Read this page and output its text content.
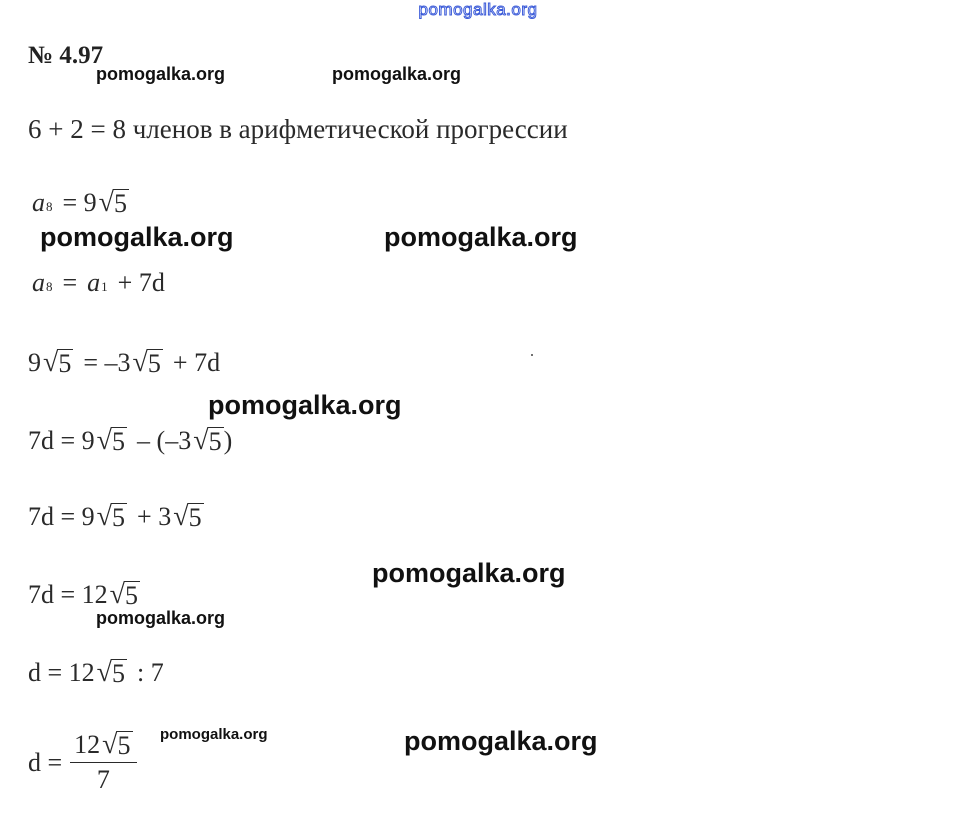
pomogalka.org
№ 4.97
pomogalka.org	pomogalka.org
6 + 2 = 8 членов в арифметической прогрессии
a 8 = 9 √ 5
pomogalka.org	pomogalka.org
a 8 = a 1 + 7d
9 √ 5 = –3 √ 5 + 7d
pomogalka.org
7d = 9 √ 5 – (–3 √ 5 )
7d = 9 √ 5 + 3 √ 5
pomogalka.org
7d = 12 √ 5
pomogalka.org
d = 12 √ 5 : 7
$d = \frac{12 √ 5}{7}$ pomogalka.org	pomogalka.org
